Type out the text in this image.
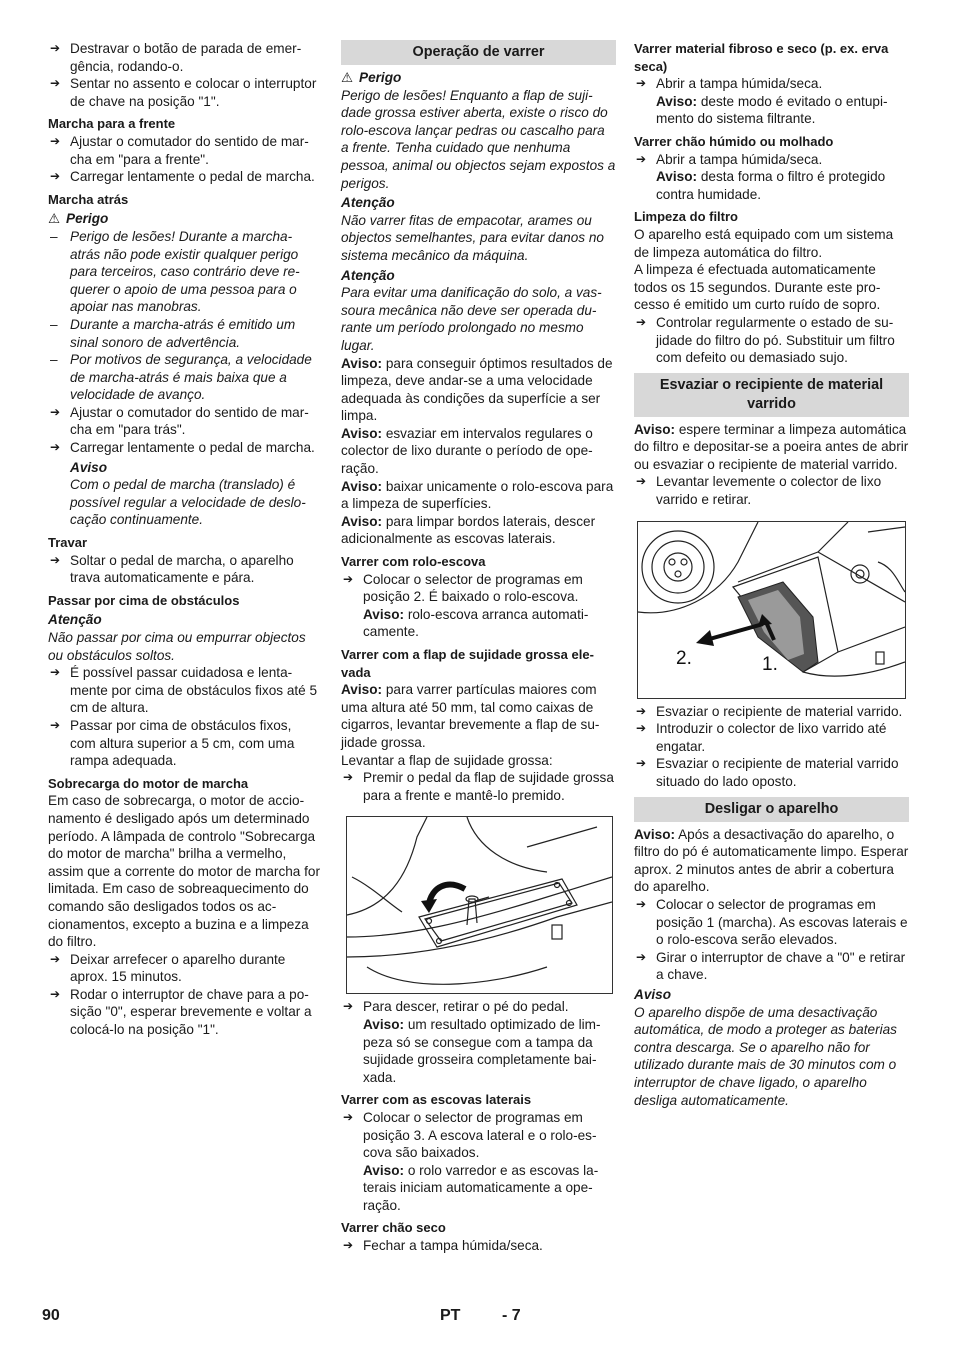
➔ Destravar o botão de parada de emergência, rodando-o.

➔ Sentar no assento e colocar o interruptor de chave na posição "1".

Marcha para a frente

➔ Ajustar o comutador do sentido de marcha em "para a frente".

➔ Carregar lentamente o pedal de marcha.

Marcha atrás

⚠ Perigo

– Perigo de lesões! Durante a marcha-atrás não pode existir qualquer perigo para terceiros, caso contrário deve requerer o apoio de uma pessoa para o apoiar nas manobras.

– Durante a marcha-atrás é emitido um sinal sonoro de advertência.

– Por motivos de segurança, a velocidade de marcha-atrás é mais baixa que a velocidade de avanço.

➔ Ajustar o comutador do sentido de marcha em "para trás".

➔ Carregar lentamente o pedal de marcha.

Aviso

Com o pedal de marcha (translado) é possível regular a velocidade de deslocação continuamente.

Travar

➔ Soltar o pedal de marcha, o aparelho trava automaticamente e pára.

Passar por cima de obstáculos

Atenção

Não passar por cima ou empurrar objectos ou obstáculos soltos.

➔ É possível passar cuidadosa e lentamente por cima de obstáculos fixos até 5 cm de altura.

➔ Passar por cima de obstáculos fixos, com altura superior a 5 cm, com uma rampa adequada.

Sobrecarga do motor de marcha

Em caso de sobrecarga, o motor de accionamento é desligado após um determinado período. A lâmpada de controlo "Sobrecarga do motor de marcha" brilha a vermelho, assim que a corrente do motor de marcha for limitada. Em caso de sobreaquecimento do comando são desligados todos os accionamentos, excepto a buzina e a limpeza do filtro.

➔ Deixar arrefecer o aparelho durante aprox. 15 minutos.

➔ Rodar o interruptor de chave para a posição "0", esperar brevemente e voltar a colocá-lo na posição "1".

Operação de varrer

⚠ Perigo

Perigo de lesões! Enquanto a flap de sujidade grossa estiver aberta, existe o risco do rolo-escova lançar pedras ou cascalho para a frente. Tenha cuidado que nenhuma pessoa, animal ou objectos sejam expostos a perigos.

Atenção

Não varrer fitas de empacotar, arames ou objectos semelhantes, para evitar danos no sistema mecânico da máquina.

Atenção

Para evitar uma danificação do solo, a vassoura mecânica não deve ser operada durante um período prolongado no mesmo lugar.

Aviso: para conseguir óptimos resultados de limpeza, deve andar-se a uma velocidade adequada às condições da superfície a ser limpa.

Aviso: esvaziar em intervalos regulares o colector de lixo durante o período de operação.

Aviso: baixar unicamente o rolo-escova para a limpeza de superfícies.

Aviso: para limpar bordos laterais, descer adicionalmente as escovas laterais.

Varrer com rolo-escova

➔ Colocar o selector de programas em posição 2. É baixado o rolo-escova.

Aviso: rolo-escova arranca automaticamente.

Varrer com a flap de sujidade grossa elevada

Aviso: para varrer partículas maiores com uma altura até 50 mm, tal como caixas de cigarros, levantar brevemente a flap de sujidade grossa.

Levantar a flap de sujidade grossa:

➔ Premir o pedal da flap de sujidade grossa para a frente e mantê-lo premido.

➔ Para descer, retirar o pé do pedal.

Aviso: um resultado optimizado de limpeza só se consegue com a tampa da sujidade grosseira completamente baixada.

Varrer com as escovas laterais

➔ Colocar o selector de programas em posição 3. A escova lateral e o rolo-escova são baixados.

Aviso: o rolo varredor e as escovas laterais iniciam automaticamente a operação.

Varrer chão seco

➔ Fechar a tampa húmida/seca.

Varrer material fibroso e seco (p. ex. erva seca)

➔ Abrir a tampa húmida/seca.

Aviso: deste modo é evitado o entupimento do sistema filtrante.

Varrer chão húmido ou molhado

➔ Abrir a tampa húmida/seca.

Aviso: desta forma o filtro é protegido contra humidade.

Limpeza do filtro

O aparelho está equipado com um sistema de limpeza automática do filtro.

A limpeza é efectuada automaticamente todos os 15 segundos. Durante este processo é emitido um curto ruído de sopro.

➔ Controlar regularmente o estado de sujidade do filtro do pó. Substituir um filtro com defeito ou demasiado sujo.

Esvaziar o recipiente de material varrido

Aviso: espere terminar a limpeza automática do filtro e depositar-se a poeira antes de abrir ou esvaziar o recipiente de material varrido.

➔ Levantar levemente o colector de lixo varrido e retirar.

2.	1.

➔ Esvaziar o recipiente de material varrido.

➔ Introduzir o colector de lixo varrido até engatar.

➔ Esvaziar o recipiente de material varrido situado do lado oposto.

Desligar o aparelho

Aviso: Após a desactivação do aparelho, o filtro do pó é automaticamente limpo. Esperar aprox. 2 minutos antes de abrir a cobertura do aparelho.

➔ Colocar o selector de programas em posição 1 (marcha). As escovas laterais e o rolo-escova serão elevados.

➔ Girar o interruptor de chave a "0" e retirar a chave.

Aviso

O aparelho dispõe de uma desactivação automática, de modo a proteger as baterias contra descarga. Se o aparelho não for utilizado durante mais de 30 minutos com o interruptor de chave ligado, o aparelho desliga automaticamente.

90	PT	- 7
